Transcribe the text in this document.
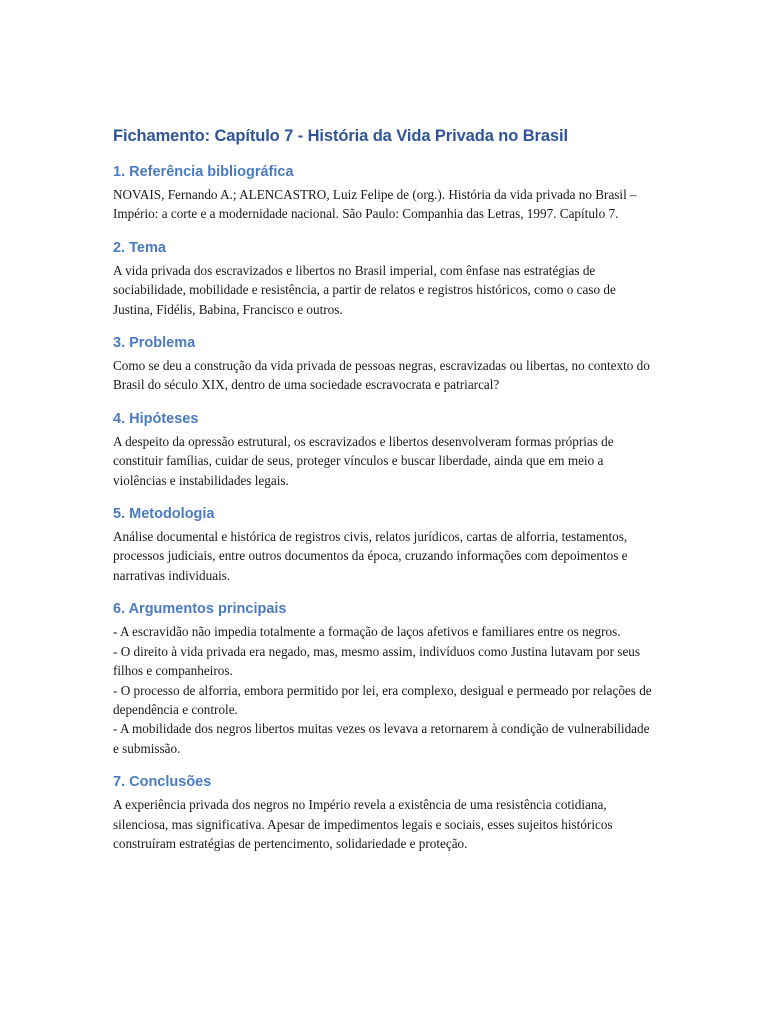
Fichamento: Capítulo 7 - História da Vida Privada no Brasil
1. Referência bibliográfica

NOVAIS, Fernando A.; ALENCASTRO, Luiz Felipe de (org.). História da vida privada no Brasil – Império: a corte e a modernidade nacional. São Paulo: Companhia das Letras, 1997. Capítulo 7.

2. Tema

A vida privada dos escravizados e libertos no Brasil imperial, com ênfase nas estratégias de sociabilidade, mobilidade e resistência, a partir de relatos e registros históricos, como o caso de Justina, Fidélis, Babina, Francisco e outros.

3. Problema

Como se deu a construção da vida privada de pessoas negras, escravizadas ou libertas, no contexto do Brasil do século XIX, dentro de uma sociedade escravocrata e patriarcal?

4. Hipóteses

A despeito da opressão estrutural, os escravizados e libertos desenvolveram formas próprias de constituir famílias, cuidar de seus, proteger vínculos e buscar liberdade, ainda que em meio a violências e instabilidades legais.

5. Metodologia

Análise documental e histórica de registros civis, relatos jurídicos, cartas de alforria, testamentos, processos judiciais, entre outros documentos da época, cruzando informações com depoimentos e narrativas individuais.

6. Argumentos principais

- A escravidão não impedia totalmente a formação de laços afetivos e familiares entre os negros.
- O direito à vida privada era negado, mas, mesmo assim, indivíduos como Justina lutavam por seus filhos e companheiros.
- O processo de alforria, embora permitido por lei, era complexo, desigual e permeado por relações de dependência e controle.
- A mobilidade dos negros libertos muitas vezes os levava a retornarem à condição de vulnerabilidade e submissão.

7. Conclusões

A experiência privada dos negros no Império revela a existência de uma resistência cotidiana, silenciosa, mas significativa. Apesar de impedimentos legais e sociais, esses sujeitos históricos construíram estratégias de pertencimento, solidariedade e proteção.
